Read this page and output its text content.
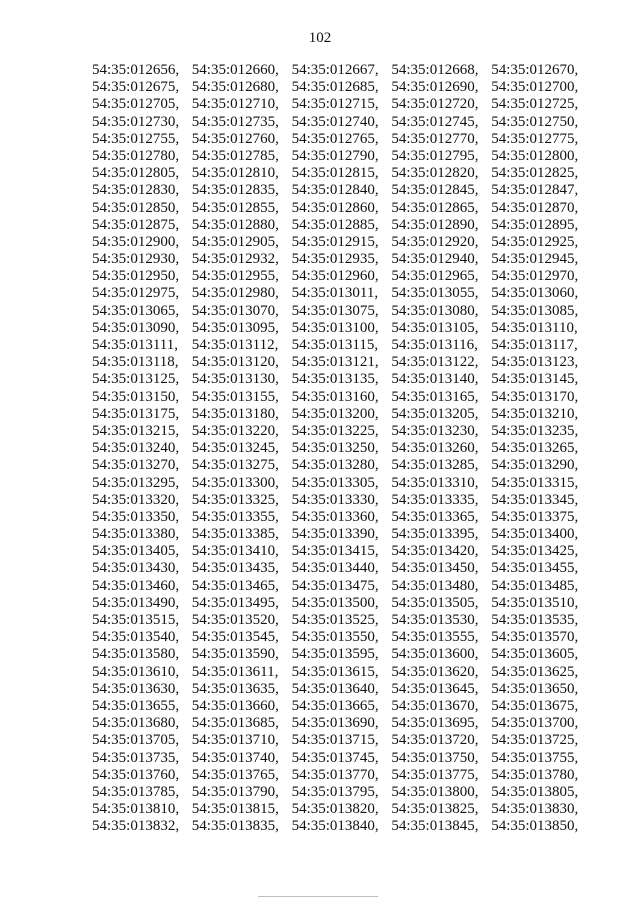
102
54:35:012656, 54:35:012660, 54:35:012667, 54:35:012668, 54:35:012670,
54:35:012675, 54:35:012680, 54:35:012685, 54:35:012690, 54:35:012700,
54:35:012705, 54:35:012710, 54:35:012715, 54:35:012720, 54:35:012725,
54:35:012730, 54:35:012735, 54:35:012740, 54:35:012745, 54:35:012750,
54:35:012755, 54:35:012760, 54:35:012765, 54:35:012770, 54:35:012775,
54:35:012780, 54:35:012785, 54:35:012790, 54:35:012795, 54:35:012800,
54:35:012805, 54:35:012810, 54:35:012815, 54:35:012820, 54:35:012825,
54:35:012830, 54:35:012835, 54:35:012840, 54:35:012845, 54:35:012847,
54:35:012850, 54:35:012855, 54:35:012860, 54:35:012865, 54:35:012870,
54:35:012875, 54:35:012880, 54:35:012885, 54:35:012890, 54:35:012895,
54:35:012900, 54:35:012905, 54:35:012915, 54:35:012920, 54:35:012925,
54:35:012930, 54:35:012932, 54:35:012935, 54:35:012940, 54:35:012945,
54:35:012950, 54:35:012955, 54:35:012960, 54:35:012965, 54:35:012970,
54:35:012975, 54:35:012980, 54:35:013011, 54:35:013055, 54:35:013060,
54:35:013065, 54:35:013070, 54:35:013075, 54:35:013080, 54:35:013085,
54:35:013090, 54:35:013095, 54:35:013100, 54:35:013105, 54:35:013110,
54:35:013111, 54:35:013112, 54:35:013115, 54:35:013116, 54:35:013117,
54:35:013118, 54:35:013120, 54:35:013121, 54:35:013122, 54:35:013123,
54:35:013125, 54:35:013130, 54:35:013135, 54:35:013140, 54:35:013145,
54:35:013150, 54:35:013155, 54:35:013160, 54:35:013165, 54:35:013170,
54:35:013175, 54:35:013180, 54:35:013200, 54:35:013205, 54:35:013210,
54:35:013215, 54:35:013220, 54:35:013225, 54:35:013230, 54:35:013235,
54:35:013240, 54:35:013245, 54:35:013250, 54:35:013260, 54:35:013265,
54:35:013270, 54:35:013275, 54:35:013280, 54:35:013285, 54:35:013290,
54:35:013295, 54:35:013300, 54:35:013305, 54:35:013310, 54:35:013315,
54:35:013320, 54:35:013325, 54:35:013330, 54:35:013335, 54:35:013345,
54:35:013350, 54:35:013355, 54:35:013360, 54:35:013365, 54:35:013375,
54:35:013380, 54:35:013385, 54:35:013390, 54:35:013395, 54:35:013400,
54:35:013405, 54:35:013410, 54:35:013415, 54:35:013420, 54:35:013425,
54:35:013430, 54:35:013435, 54:35:013440, 54:35:013450, 54:35:013455,
54:35:013460, 54:35:013465, 54:35:013475, 54:35:013480, 54:35:013485,
54:35:013490, 54:35:013495, 54:35:013500, 54:35:013505, 54:35:013510,
54:35:013515, 54:35:013520, 54:35:013525, 54:35:013530, 54:35:013535,
54:35:013540, 54:35:013545, 54:35:013550, 54:35:013555, 54:35:013570,
54:35:013580, 54:35:013590, 54:35:013595, 54:35:013600, 54:35:013605,
54:35:013610, 54:35:013611, 54:35:013615, 54:35:013620, 54:35:013625,
54:35:013630, 54:35:013635, 54:35:013640, 54:35:013645, 54:35:013650,
54:35:013655, 54:35:013660, 54:35:013665, 54:35:013670, 54:35:013675,
54:35:013680, 54:35:013685, 54:35:013690, 54:35:013695, 54:35:013700,
54:35:013705, 54:35:013710, 54:35:013715, 54:35:013720, 54:35:013725,
54:35:013735, 54:35:013740, 54:35:013745, 54:35:013750, 54:35:013755,
54:35:013760, 54:35:013765, 54:35:013770, 54:35:013775, 54:35:013780,
54:35:013785, 54:35:013790, 54:35:013795, 54:35:013800, 54:35:013805,
54:35:013810, 54:35:013815, 54:35:013820, 54:35:013825, 54:35:013830,
54:35:013832, 54:35:013835, 54:35:013840, 54:35:013845, 54:35:013850,
